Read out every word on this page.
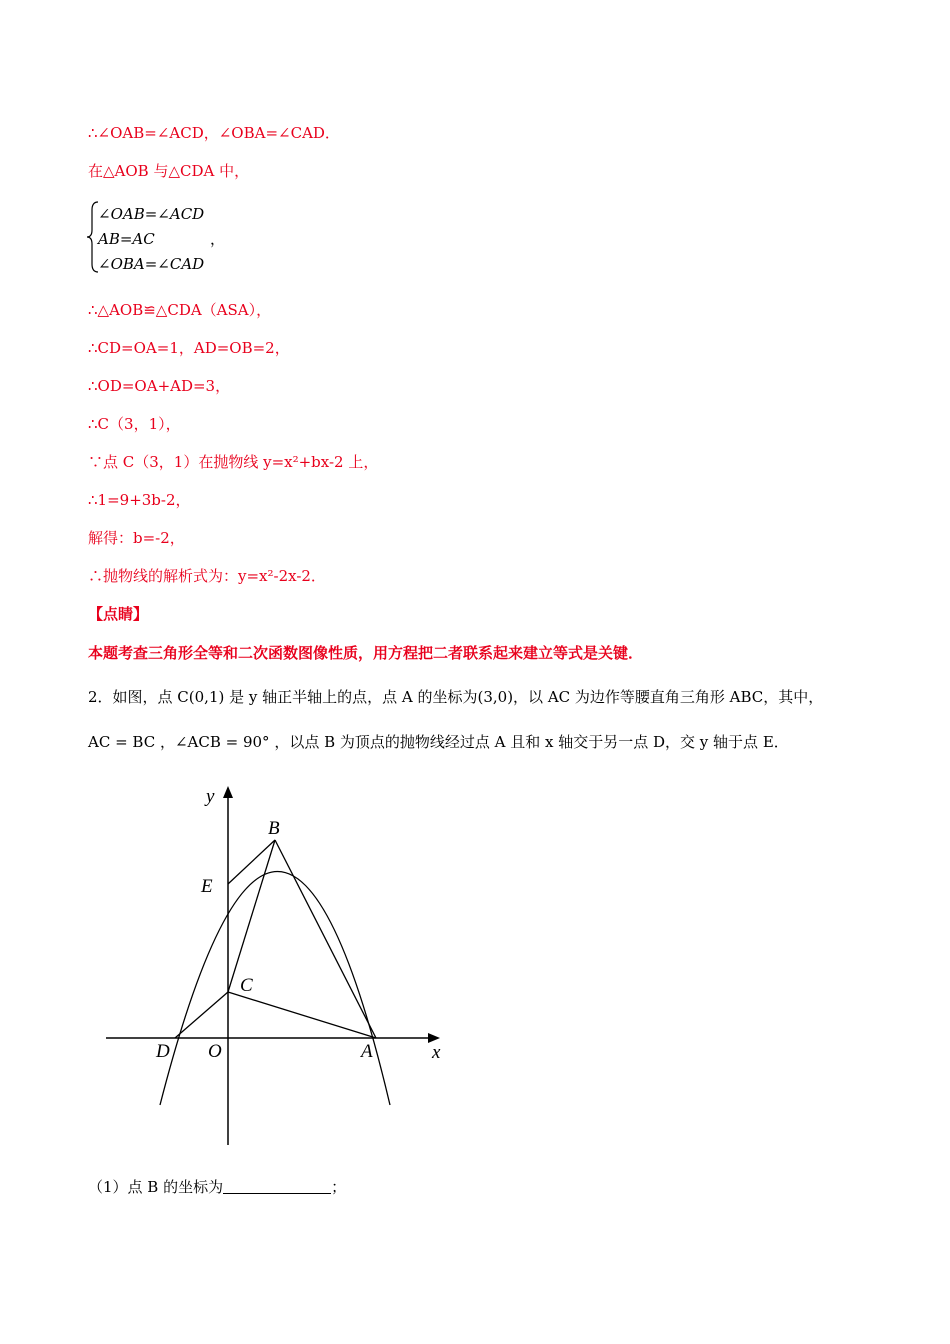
∴∠OAB=∠ACD，∠OBA=∠CAD．
在△AOB 与△CDA 中，
∠OAB=∠ACD
AB=AC
∠OBA=∠CAD
，
∴△AOB≌△CDA（ASA），
∴CD=OA=1，AD=OB=2，
∴OD=OA+AD=3，
∴C（3，1），
∵点 C（3，1）在抛物线 y=x²+bx-2 上，
∴1=9+3b-2，
解得：b=-2，
∴抛物线的解析式为：y=x²-2x-2．
【点睛】
本题考查三角形全等和二次函数图像性质，用方程把二者联系起来建立等式是关键．
2．如图，点 C(0,1) 是 y 轴正半轴上的点，点 A 的坐标为(3,0)，以 AC 为边作等腰直角三角形 ABC，其中，
AC = BC ，∠ACB = 90° ，以点 B 为顶点的抛物线经过点 A 且和 x 轴交于另一点 D，交 y 轴于点 E．
y
x
B
E
C
D O	A
（1）点 B 的坐标为	；
